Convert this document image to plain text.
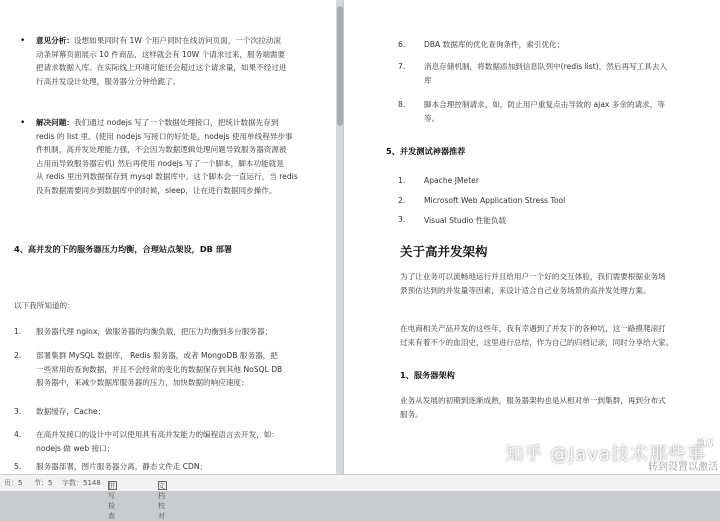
• 意见分析：设想如果同时有 1W 个用户同时在线访问页面，一个次拉动滚
动条屏幕页面展示 10 件商品，这样就会有 10W 个请求过来，服务端需要
把请求数据入库。在实际线上环境可能还会超过这个请求量，如果不经过进
行高并发设计处理，服务器分分钟给跪了。
• 解决问题：我们通过 nodejs 写了一个数据处理接口，把统计数据先存到
redis 的 list 里。(使用 nodejs 写接口的好处是，nodejs 使用单线程异步事
件机制，高并发处理能力强，不会因为数据逻辑处理问题导致服务器资源被
占用而导致服务器宕机) 然后再使用 nodejs 写了一个脚本，脚本功能就是
从 redis 里出列数据保存到 mysql 数据库中。这个脚本会一直运行，当 redis
没有数据需要同步到数据库中的时候，sleep，让在进行数据同步操作。
4、高并发的下的服务器压力均衡，合理站点架设，DB 部署
以下我所知道的：
1. 服务器代理 nginx，做服务器的均衡负载，把压力均衡到多台服务器；
2. 部署集群 MySQL 数据库， Redis 服务器，或者 MongoDB 服务器，把
一些常用的查询数据，并且不会经常的变化的数据保存到其他 NoSQL DB
服务器中，来减少数据库服务器的压力，加快数据的响应速度；
3. 数据缓存，Cache；
4. 在高并发接口的设计中可以使用具有高并发能力的编程语言去开发，如：
nodejs 做 web 接口；
5. 服务器部署，图片服务器分离，静态文件走 CDN；
6. DBA 数据库的优化查询条件，索引优化；
7. 消息存储机制，将数据添加到信息队列中(redis list)，然后再写工具去入
库
8. 脚本合理控制请求，如，防止用户重复点击导致的 ajax 多余的请求，等
等。
5、并发测试神器推荐
1. Apache JMeter
2. Microsoft Web Application Stress Tool
3. Visual Studio 性能负载
关于高并发架构
为了让业务可以流畅地运行并且给用户一个好的交互体验，我们需要根据业务场
景预估达到的并发量等因素，来设计适合自己业务场景的高并发处理方案。
在电商相关产品开发的这些年，我有幸遇到了并发下的各种坑，这一路摸爬滚打
过来有着不少的血泪史，这里进行总结，作为自己的归档记录，同时分享给大家。
1、服务器架构
业务从发展的初期到逐渐成熟，服务器架构也是从相对单一到集群，再到分布式
服务。
激活
知乎 @Java技术那些事
转到设置以激活
页：5 节：5 字数：5148 拼写检查
文档校对
